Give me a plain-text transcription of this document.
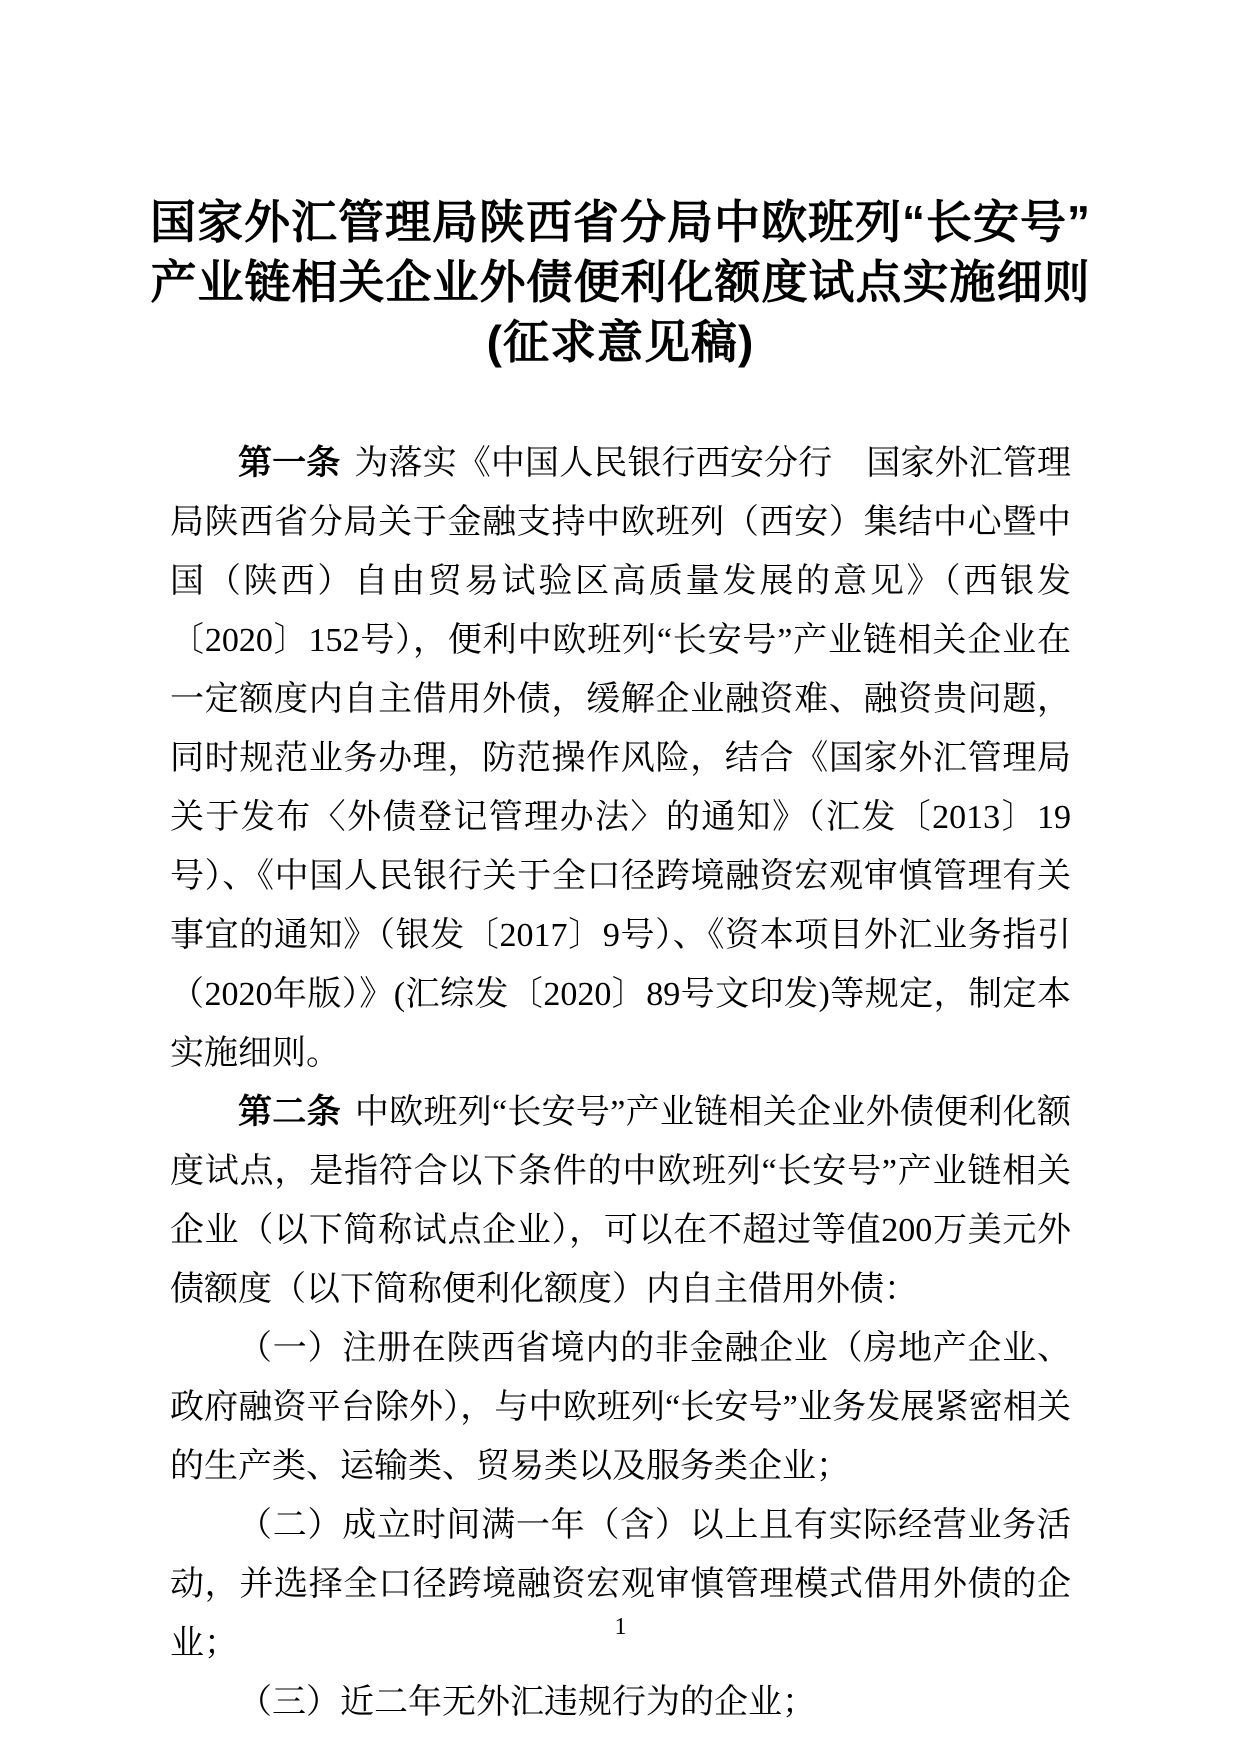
国家外汇管理局陕西省分局中欧班列“长安号”
产业链相关企业外债便利化额度试点实施细则
(征求意见稿)

第一条 为落实《中国人民银行西安分行　国家外汇管理局陕西省分局关于金融支持中欧班列（西安）集结中心暨中国（陕西）自由贸易试验区高质量发展的意见》（西银发〔2020〕152号），便利中欧班列“长安号”产业链相关企业在一定额度内自主借用外债，缓解企业融资难、融资贵问题，同时规范业务办理，防范操作风险，结合《国家外汇管理局关于发布〈外债登记管理办法〉的通知》（汇发〔2013〕19号）、《中国人民银行关于全口径跨境融资宏观审慎管理有关事宜的通知》（银发〔2017〕9号）、《资本项目外汇业务指引（2020年版）》(汇综发〔2020〕89号文印发)等规定，制定本实施细则。

第二条 中欧班列“长安号”产业链相关企业外债便利化额度试点，是指符合以下条件的中欧班列“长安号”产业链相关企业（以下简称试点企业），可以在不超过等值200万美元外债额度（以下简称便利化额度）内自主借用外债：

（一）注册在陕西省境内的非金融企业（房地产企业、政府融资平台除外），与中欧班列“长安号”业务发展紧密相关的生产类、运输类、贸易类以及服务类企业；

（二）成立时间满一年（含）以上且有实际经营业务活动，并选择全口径跨境融资宏观审慎管理模式借用外债的企业；

（三）近二年无外汇违规行为的企业；

1
